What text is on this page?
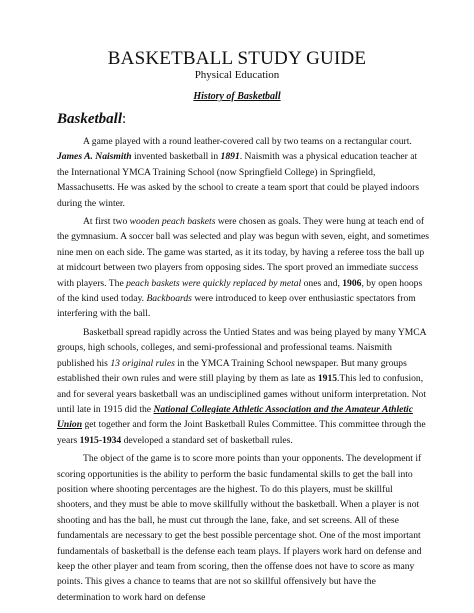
BASKETBALL STUDY GUIDE
Physical Education
History of Basketball
Basketball:

A game played with a round leather-covered call by two teams on a rectangular court. James A. Naismith invented basketball in 1891. Naismith was a physical education teacher at the International YMCA Training School (now Springfield College) in Springfield, Massachusetts. He was asked by the school to create a team sport that could be played indoors during the winter.

At first two wooden peach baskets were chosen as goals. They were hung at teach end of the gymnasium. A soccer ball was selected and play was begun with seven, eight, and sometimes nine men on each side. The game was started, as it its today, by having a referee toss the ball up at midcourt between two players from opposing sides. The sport proved an immediate success with players. The peach baskets were quickly replaced by metal ones and, 1906, by open hoops of the kind used today. Backboards were introduced to keep over enthusiastic spectators from interfering with the ball.

Basketball spread rapidly across the Untied States and was being played by many YMCA groups, high schools, colleges, and semi-professional and professional teams. Naismith published his 13 original rules in the YMCA Training School newspaper. But many groups established their own rules and were still playing by them as late as 1915.This led to confusion, and for several years basketball was an undisciplined games without uniform interpretation. Not until late in 1915 did the National Collegiate Athletic Association and the Amateur Athletic Union get together and form the Joint Basketball Rules Committee. This committee through the years 1915-1934 developed a standard set of basketball rules.

The object of the game is to score more points than your opponents. The development if scoring opportunities is the ability to perform the basic fundamental skills to get the ball into position where shooting percentages are the highest. To do this players, must be skillful shooters, and they must be able to move skillfully without the basketball. When a player is not shooting and has the ball, he must cut through the lane, fake, and set screens. All of these fundamentals are necessary to get the best possible percentage shot. One of the most important fundamentals of basketball is the defense each team plays. If players work hard on defense and keep the other player and team from scoring, then the offense does not have to score as many points. This gives a chance to teams that are not so skillful offensively but have the determination to work hard on defense
